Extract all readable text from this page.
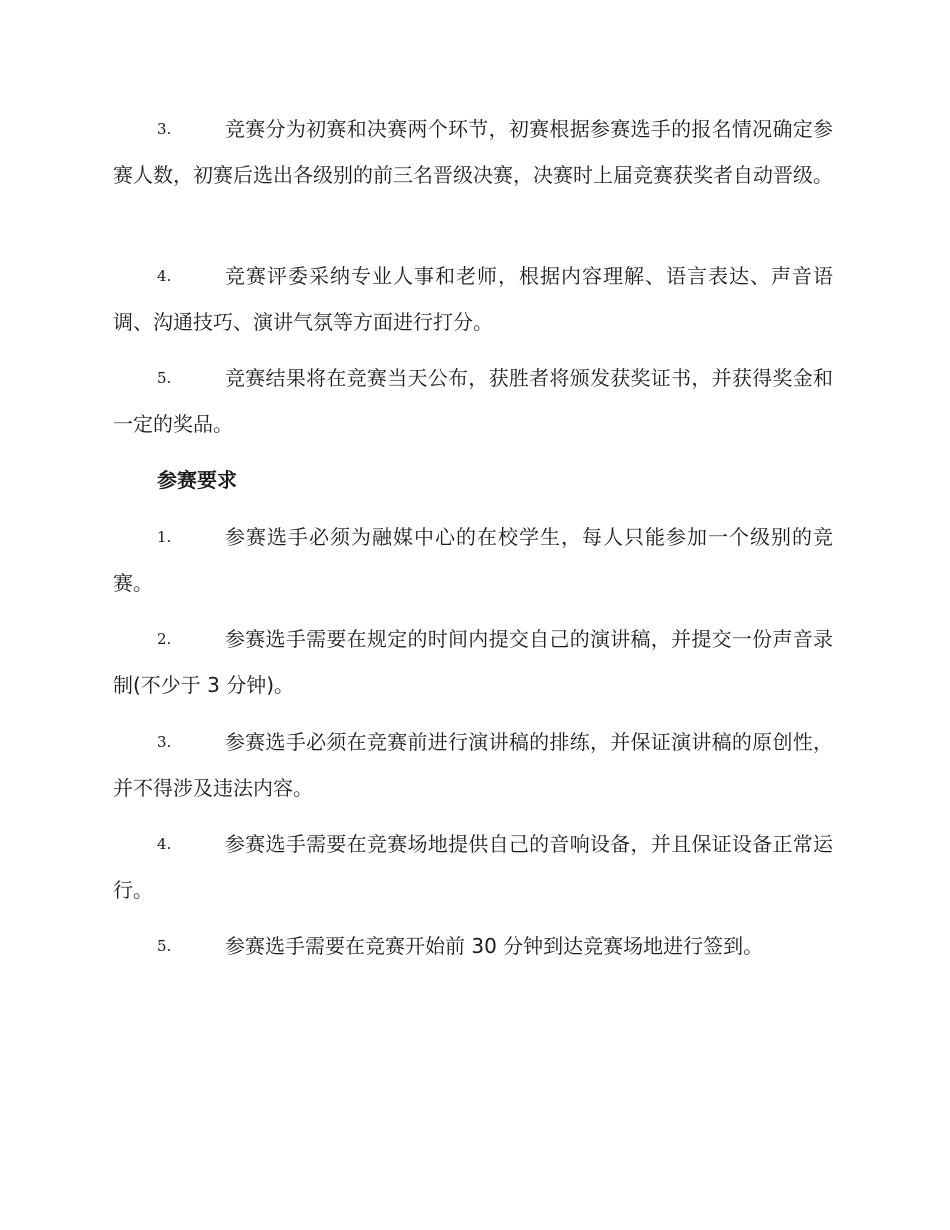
3.	竞赛分为初赛和决赛两个环节，初赛根据参赛选手的报名情况确定参赛人数，初赛后选出各级别的前三名晋级决赛，决赛时上届竞赛获奖者自动晋级。

4.	竞赛评委采纳专业人事和老师，根据内容理解、语言表达、声音语调、沟通技巧、演讲气氛等方面进行打分。

5.	竞赛结果将在竞赛当天公布，获胜者将颁发获奖证书，并获得奖金和一定的奖品。

参赛要求

1.	参赛选手必须为融媒中心的在校学生，每人只能参加一个级别的竞赛。

2.	参赛选手需要在规定的时间内提交自己的演讲稿，并提交一份声音录制(不少于 3 分钟)。

3.	参赛选手必须在竞赛前进行演讲稿的排练，并保证演讲稿的原创性，并不得涉及违法内容。

4.	参赛选手需要在竞赛场地提供自己的音响设备，并且保证设备正常运行。

5.	参赛选手需要在竞赛开始前 30 分钟到达竞赛场地进行签到。
